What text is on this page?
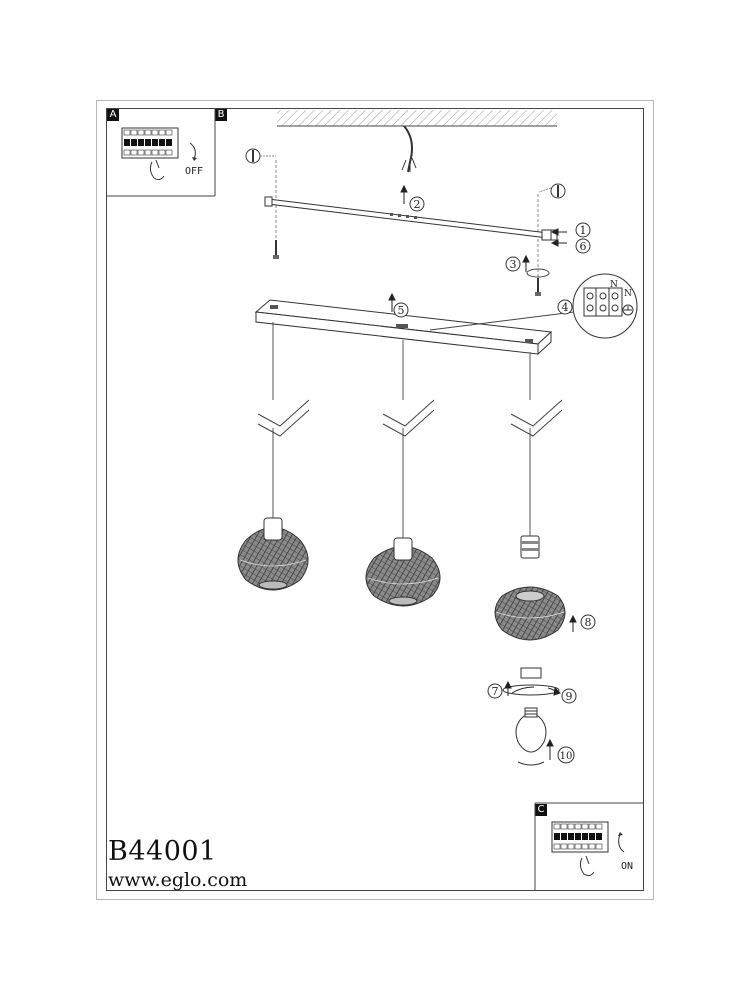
A	B
C
OFF
ON
N
N
1
2
3
4
5
6
7
8
9
10
B44001
www.eglo.com
